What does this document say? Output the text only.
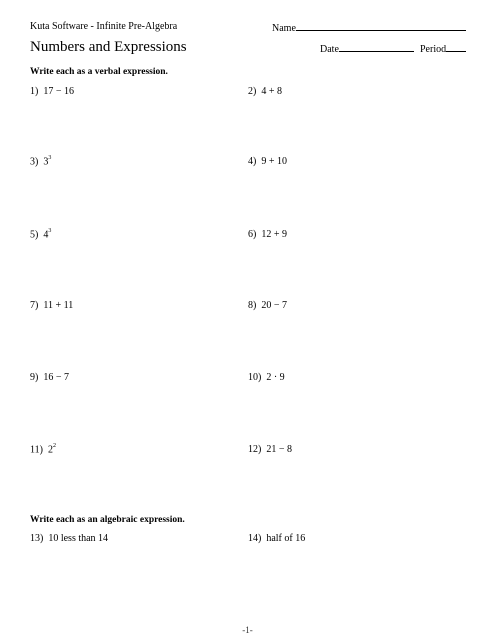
Kuta Software - Infinite Pre-Algebra	Name
Numbers and Expressions	Date	Period
Write each as a verbal expression.
1) 17 − 16	2) 4 + 8
3) $3^3$	4) 9 + 10
5) $4^3$	6) 12 + 9
7) 11 + 11	8) 20 − 7
9) 16 − 7	10) 2 · 9
11) $2^2$	12) 21 − 8
Write each as an algebraic expression.
13) 10 less than 14	14) half of 16
-1-
